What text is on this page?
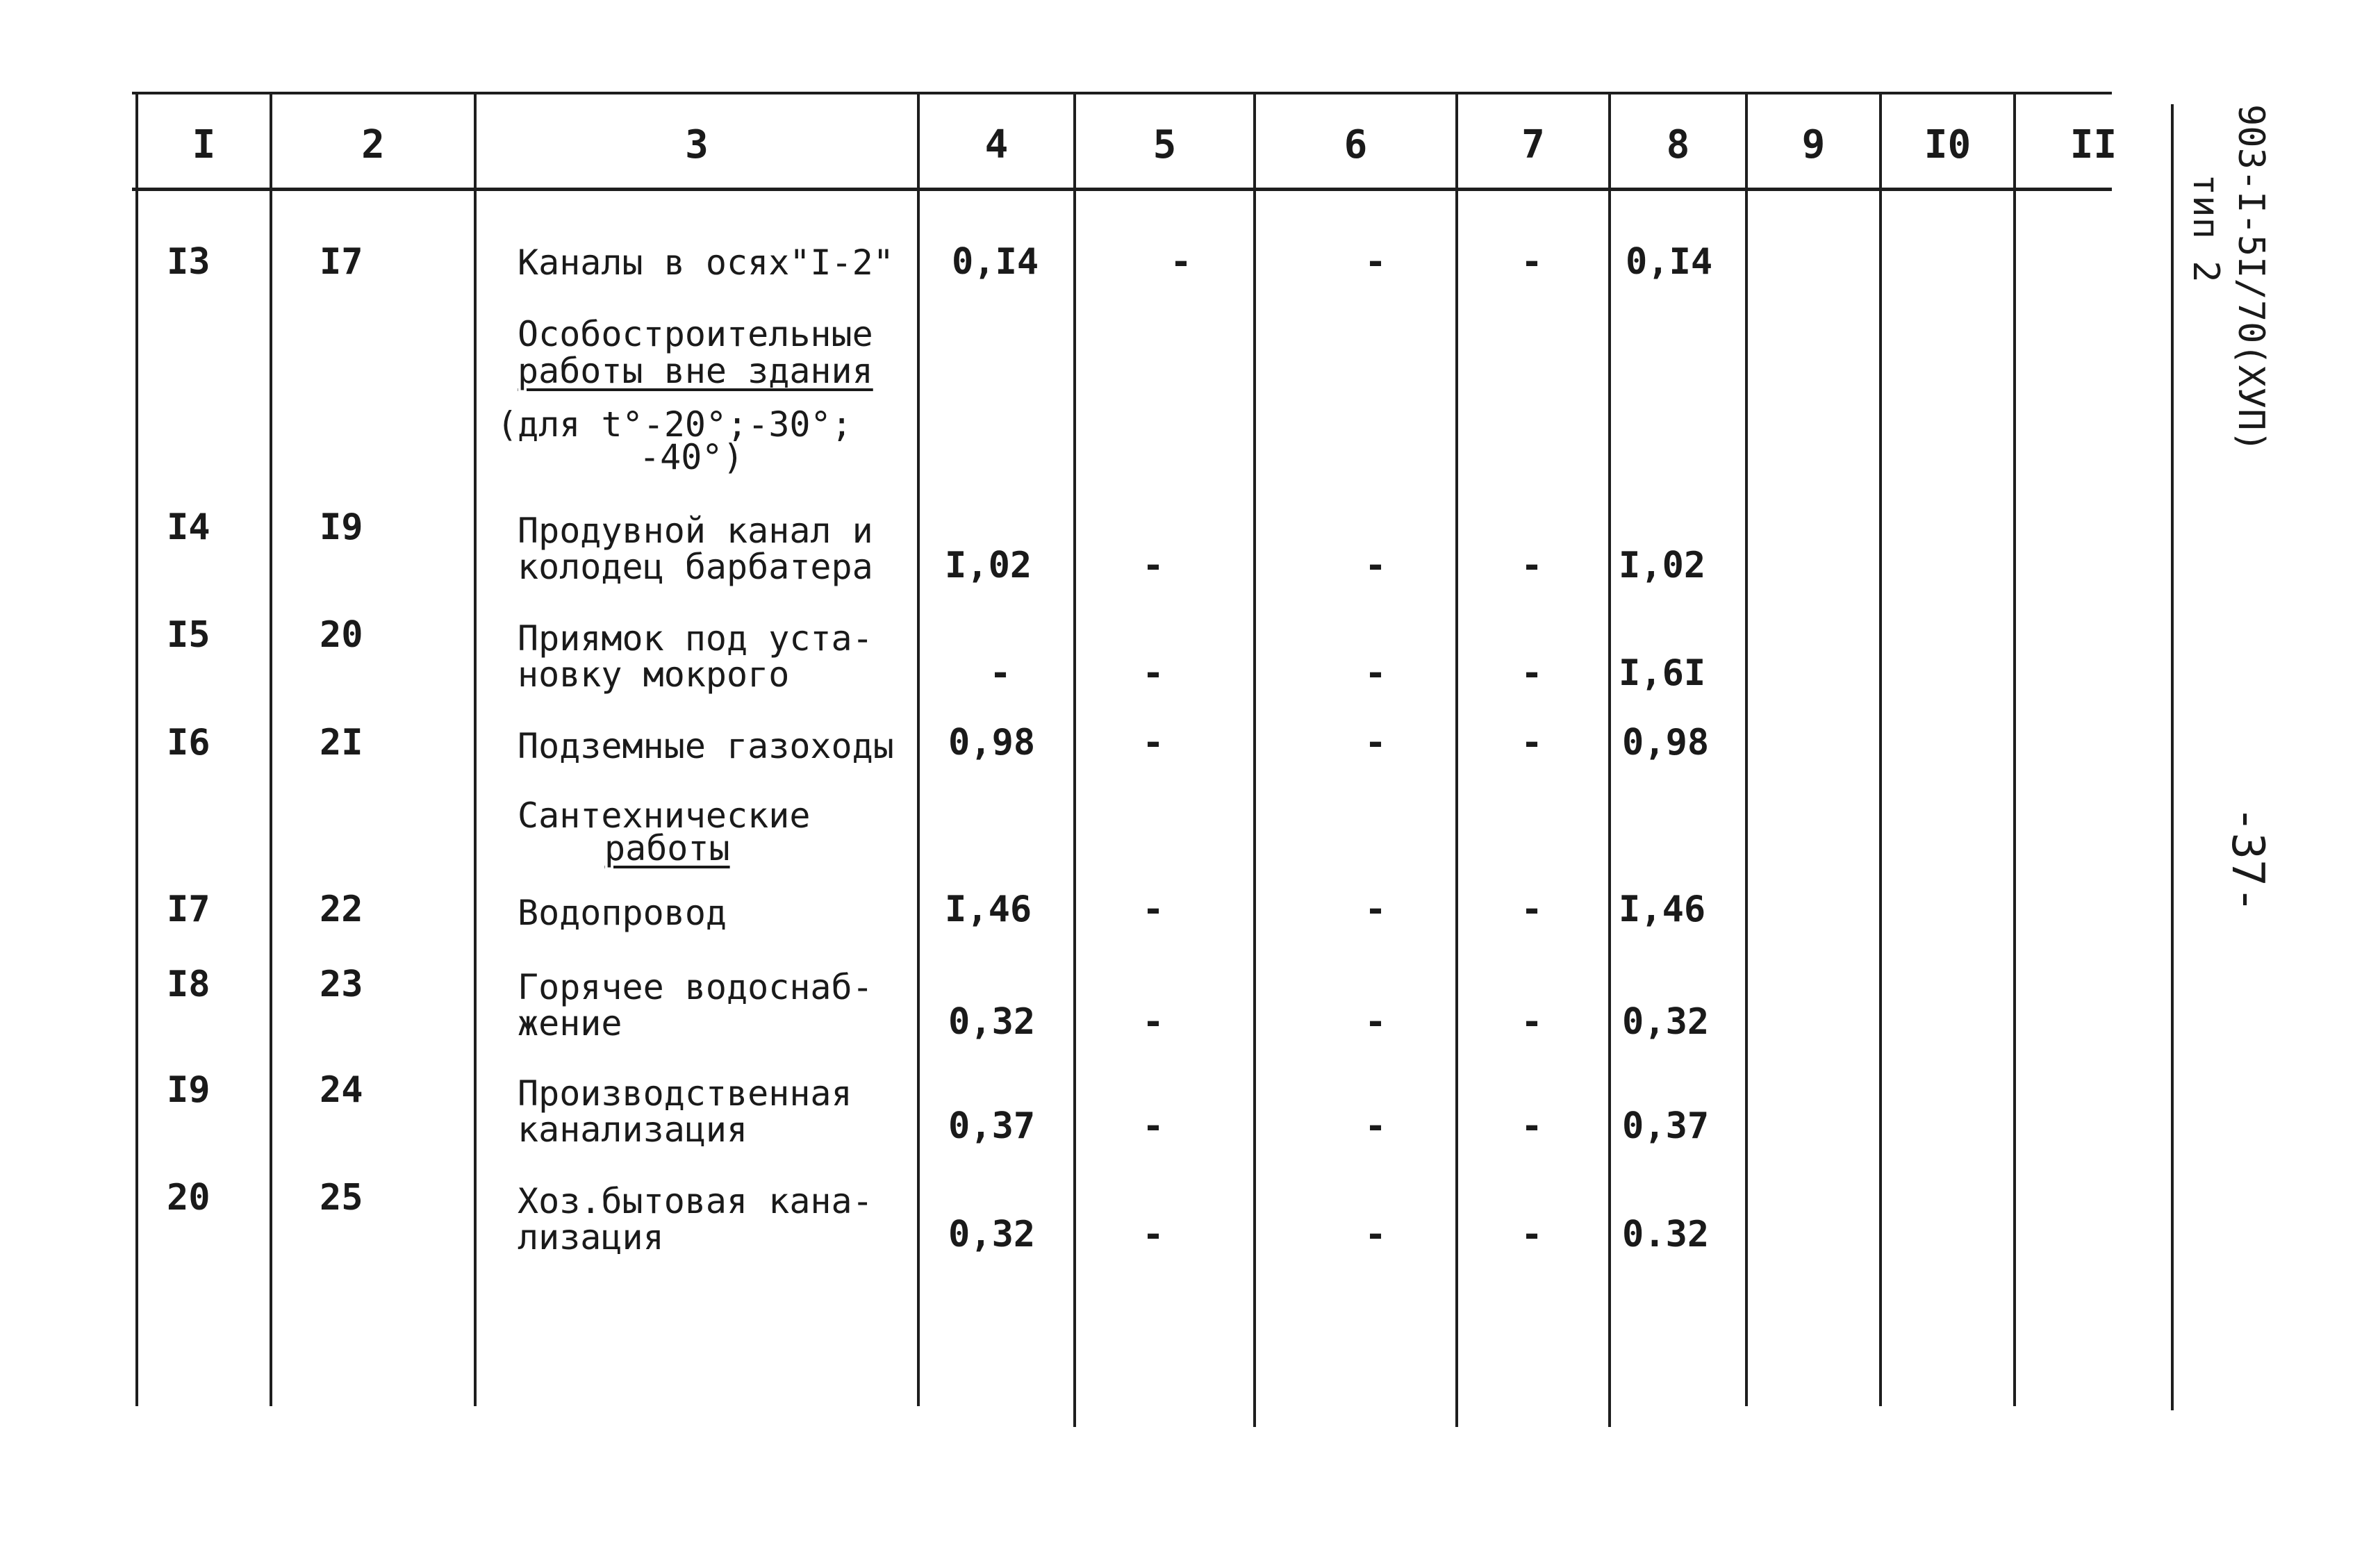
I	2	3	4	5	6	7	8	9	I0	II
I3	I7	Каналы в осях"I-2" 0,I4	-	-	-	0,I4
Особостроительные
работы вне здания
(для t°-20°;-30°;
-40°)
I4	I9	Продувной канал и
колодец барбатера I,02	-	-	-	I,02
I5	20	Приямок под уста-
новку мокрого	-	-	-	-	I,6I
I6	2I	Подземные газоходы 0,98	-	-	-	0,98
Сантехнические
работы
I7	22	Водопровод	I,46	-	-	-	I,46
I8	23	Горячее водоснаб-
жение	0,32	-	-	-	0,32
I9	24	Производственная
канализация	0,37	-	-	-	0,37
20	25	Хоз.бытовая кана-
лизация	0,32	-	-	-	0.32
903-I-5I/70(XУП)
тип 2
-37-
